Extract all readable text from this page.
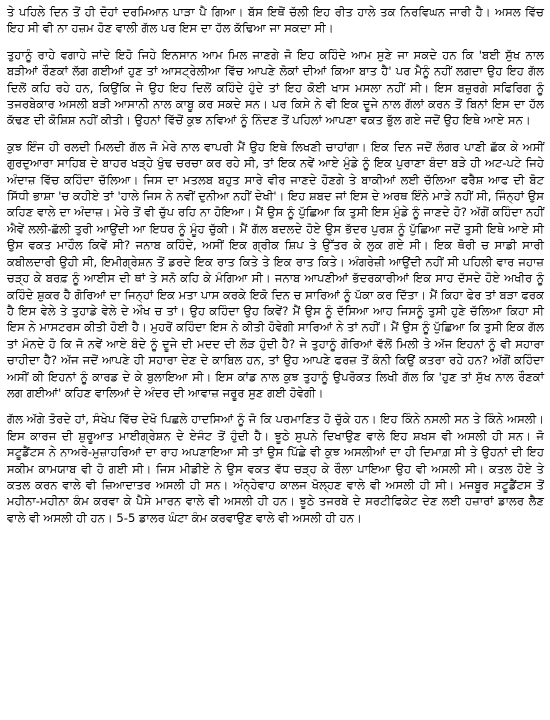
ਤੇ ਪਹਿਲੇ ਦਿਨ ਤੋਂ ਹੀ ਦੋਹਾਂ ਦਰਮਿਆਨ ਪਾੜਾ ਪੈ ਗਿਆ। ਬੱਸ ਇਥੋਂ ਚੱਲੀ ਇਹ ਰੀਤ ਹਾਲੇ ਤਕ ਨਿਰਵਿਘਨ ਜਾਰੀ ਹੈ। ਅਸਲ ਵਿੱਚ ਇਹ ਸੀ ਵੀ ਨਾ ਹਜ਼ਮ ਹੋਣ ਵਾਲੀ ਗੱਲ ਪਰ ਇਸ ਦਾ ਹੱਲ ਕੱਢਿਆ ਜਾ ਸਕਦਾ ਸੀ।

ਤੁਹਾਨੂੰ ਰਾਹੇ ਵਗਾਹੇ ਜਾਂਦੇ ਇਹੋ ਜਿਹੇ ਇਨਸਾਨ ਆਮ ਮਿਲ ਜਾਣਗੇ ਜੋ ਇਹ ਕਹਿੰਦੇ ਆਮ ਸੁਣੇ ਜਾ ਸਕਦੇ ਹਨ ਕਿ 'ਬਈ ਸੁੱਖ ਨਾਲ ਬੜੀਆਂ ਰੌਣਕਾਂ ਲੱਗ ਗਈਆਂ ਹੁਣ ਤਾਂ ਆਸਟ੍ਰੇਲੀਆ ਵਿੱਚ ਆਪਣੇ ਲੋਕਾਂ ਦੀਆਂ ਕਿਆ ਬਾਤ ਹੈ' ਪਰ ਮੈਨੂੰ ਨਹੀਂ ਲਗਦਾ ਉਹ ਇਹ ਗੱਲ ਦਿਲੋਂ ਕਹਿ ਰਹੇ ਹਨ, ਕਿਉਂਕਿ ਜੇ ਉਹ ਇਹ ਦਿਲੋਂ ਕਹਿੰਦੇ ਹੁੰਦੇ ਤਾਂ ਇਹ ਕੋਈ ਖਾਸ ਮਸਲਾ ਨਹੀਂ ਸੀ। ਇਸ ਬਜ਼ੁਰਗੇ ਸਫਿਰਿਗ ਨੂੰ ਤਜਰਬੇਕਾਰ ਅਸਲੀ ਬੜੀ ਆਸਾਨੀ ਨਾਲ ਕਾਬੂ ਕਰ ਸਕਦੇ ਸਨ। ਪਰ ਕਿਸੇ ਨੇ ਵੀ ਇਕ ਦੂਜੇ ਨਾਲ ਗੱਲਾਂ ਕਰਨ ਤੋਂ ਬਿਨਾਂ ਇਸ ਦਾ ਹੱਲ ਕੱਢਣ ਦੀ ਕੋਸ਼ਿਸ਼ ਨਹੀਂ ਕੀਤੀ। ਉਹਨਾਂ ਵਿੱਚੋਂ ਕੁਝ ਨਵਿਆਂ ਨੂੰ ਨਿੰਦਣ ਤੋਂ ਪਹਿਲਾਂ ਆਪਣਾ ਵਕਤ ਭੁੱਲ ਗਏ ਜਦੋਂ ਉਹ ਇਥੇ ਆਏ ਸਨ।

ਕੁਝ ਇੰਜ ਹੀ ਰਲਦੀ ਮਿਲਦੀ ਗੱਲ ਜੋ ਮੇਰੇ ਨਾਲ ਵਾਪਰੀ ਮੈਂ ਉਹ ਇਥੇ ਲਿਖਣੀ ਚਾਹਾਂਗਾ। ਇਕ ਦਿਨ ਜਦੋਂ ਲੰਗਰ ਪਾਣੀ ਛੱਕ ਕੇ ਅਸੀਂ ਗੁਰਦੁਆਰਾ ਸਾਹਿਬ ਦੇ ਬਾਹਰ ਖੜ੍ਹੇ ਖੁੰਢ ਚਰਚਾ ਕਰ ਰਹੇ ਸੀ, ਤਾਂ ਇਕ ਨਵੇਂ ਆਏ ਮੁੰਡੇ ਨੂੰ ਇਕ ਪੁਰਾਣਾ ਬੰਦਾ ਬੜੇ ਹੀ ਅਟ-ਪਟੇ ਜਿਹੇ ਅੰਦਾਜ਼ ਵਿੱਚ ਕਹਿੰਦਾ ਚੱਲਿਆ। ਜਿਸ ਦਾ ਮਤਲਬ ਬਹੁਤ ਸਾਰੇ ਵੀਰ ਜਾਣਦੇ ਹੋਣਗੇ ਤੇ ਬਾਕੀਆਂ ਲਈ ਚੱਲਿਆ ਫਰੈਸ਼ ਆਫ ਦੀ ਬੋਟ ਸਿੱਧੀ ਭਾਸ਼ਾ 'ਚ ਕਹੀਏ ਤਾਂ 'ਹਾਲੇ ਜਿਸ ਨੇ ਨਵੀਂ ਦੁਨੀਆ ਨਹੀਂ ਦੇਖੀ'। ਇਹ ਸ਼ਬਦ ਜਾਂ ਇਸ ਦੇ ਅਰਥ ਇੰਨੇ ਮਾੜੇ ਨਹੀਂ ਸੀ, ਜਿੰਨ੍ਹਾਂ ਉਸ ਕਹਿਣ ਵਾਲੇ ਦਾ ਅੰਦਾਜ਼। ਮੇਰੇ ਤੋਂ ਵੀ ਚੁੱਪ ਰਹਿ ਨਾ ਹੋਇਆ। ਮੈਂ ਉਸ ਨੂੰ ਪੁੱਛਿਆ ਕਿ ਤੁਸੀ ਇਸ ਮੁੰਡੇ ਨੂੰ ਜਾਣਦੇ ਹੋ? ਅੱਗੋਂ ਕਹਿੰਦਾ ਨਹੀਂ ਐਵੇਂ ਲਲੀ-ਛੱਲੀ ਤੁਰੀ ਆਉਂਦੀ ਆ ਇਧਰ ਨੂੰ ਮੂੰਹ ਚੁੱਕੀ। ਮੈਂ ਗੱਲ ਬਦਲਦੇ ਹੋਏ ਉਸ ਭੱਦਰ ਪੁਰਸ਼ ਨੂੰ ਪੁੱਛਿਆ ਜਦੋਂ ਤੁਸੀ ਇਥੇ ਆਏ ਸੀ ਉਸ ਵਕਤ ਮਾਹੌਲ ਕਿਵੇਂ ਸੀ? ਜਨਾਬ ਕਹਿੰਦੇ, ਅਸੀਂ ਇਕ ਗ੍ਰੀਕ ਸ਼ਿਪ ਤੇ ਉੱਤਰ ਕੇ ਲੁਕ ਗਏ ਸੀ। ਇਕ ਥੋਰੀ ਚ ਸਾਡੀ ਸਾਰੀ ਕਬੀਲਦਾਰੀ ਉਹੀ ਸੀ, ਇਮੀਗ੍ਰੇਸ਼ਨ ਤੋਂ ਡਰਦੇ ਇਕ ਰਾਤ ਕਿਤੇ ਤੇ ਇਕ ਰਾਤ ਕਿਤੇ। ਅੰਗਰੇਜ਼ੀ ਆਉਂਦੀ ਨਹੀਂ ਸੀ ਪਹਿਲੀ ਵਾਰ ਜਹਾਜ਼ ਚੜ੍ਹ ਕੇ ਬਰਫ਼ ਨੂੰ ਆਈਸ ਦੀ ਥਾਂ ਤੇ ਸਨੋ ਕਹਿ ਕੇ ਮੰਗਿਆ ਸੀ। ਜਨਾਬ ਆਪਣੀਆਂ ਭੱਦਰਕਾਰੀਆਂ ਇਕ ਸਾਹ ਦੱਸਦੇ ਹੋਏ ਅਖੀਰ ਨੂੰ ਕਹਿੰਦੇ ਸ਼ੁਕਰ ਹੈ ਗੋਰਿਆਂ ਦਾ ਜਿਨ੍ਹਾਂ ਇਕ ਮਤਾ ਪਾਸ ਕਰਕੇ ਇਕੋ ਦਿਨ ਚ ਸਾਰਿਆਂ ਨੂੰ ਪੱਕਾ ਕਰ ਦਿੱਤਾ। ਮੈਂ ਕਿਹਾ ਫੇਰ ਤਾਂ ਬੜਾ ਫਰਕ ਹੈ ਇਸ ਵੇਲੇ ਤੇ ਤੁਹਾਡੇ ਵੇਲੇ ਦੇ ਔਖ ਚ ਤਾਂ। ਉਹ ਕਹਿੰਦਾ ਉਹ ਕਿਵੇਂ? ਮੈਂ ਉਸ ਨੂੰ ਦੱਸਿਆ ਆਹ ਜਿਸਨੂੰ ਤੁਸੀ ਹੁਣੇ ਚੱਲਿਆ ਕਿਹਾ ਸੀ ਇਸ ਨੇ ਮਾਸਟਰਸ ਕੀਤੀ ਹੋਈ ਹੈ। ਮੁਹਰੋਂ ਕਹਿੰਦਾ ਇਸ ਨੇ ਕੀਤੀ ਹੋਵੇਗੀ ਸਾਰਿਆਂ ਨੇ ਤਾਂ ਨਹੀਂ। ਮੈਂ ਉਸ ਨੂੰ ਪੁੱਛਿਆ ਕਿ ਤੁਸੀ ਇਕ ਗੱਲ ਤਾਂ ਮੰਨਦੇ ਹੋ ਕਿ ਜੋ ਨਵੇਂ ਆਏ ਬੰਦੇ ਨੂੰ ਦੂਜੇ ਦੀ ਮਦਦ ਦੀ ਲੋੜ ਹੁੰਦੀ ਹੈ? ਜੇ ਤੁਹਾਨੂੰ ਗੋਰਿਆਂ ਵੱਲੋਂ ਮਿਲੀ ਤੇ ਅੱਜ ਇਹਨਾਂ ਨੂੰ ਵੀ ਸਹਾਰਾ ਚਾਹੀਦਾ ਹੈ? ਅੱਜ ਜਦੋਂ ਆਪਣੇ ਹੀ ਸਹਾਰਾ ਦੇਣ ਦੇ ਕਾਬਿਲ ਹਨ, ਤਾਂ ਉਹ ਆਪਣੇ ਫਰਜ਼ ਤੋਂ ਕੰਨੀ ਕਿਉਂ ਕਤਰਾ ਰਹੇ ਹਨ? ਅੱਗੋਂ ਕਹਿੰਦਾ ਅਸੀਂ ਕੀ ਇਹਨਾਂ ਨੂੰ ਕਾਰਡ ਦੇ ਕੇ ਬੁਲਾਇਆ ਸੀ। ਇਸ ਕਾਂਡ ਨਾਲ ਕੁਝ ਤੁਹਾਨੂੰ ਉਪਰੋਕਤ ਲਿਖੀ ਗੱਲ ਕਿ 'ਹੁਣ ਤਾਂ ਸੁੱਖ ਨਾਲ ਰੌਣਕਾਂ ਲਗ ਗਈਆਂ' ਕਹਿਣ ਵਾਲਿਆਂ ਦੇ ਅੰਦਰ ਦੀ ਆਵਾਜ਼ ਜਰੂਰ ਸੁਣ ਗਈ ਹੋਵੇਗੀ।

ਗੱਲ ਅੱਗੇ ਤੋਰਦੇ ਹਾਂ, ਸੰਖੇਪ ਵਿੱਚ ਦੇਖੋ ਪਿਛਲੇ ਹਾਦਸਿਆਂ ਨੂੰ ਜੋ ਕਿ ਪਰਮਾਣਿਤ ਹੋ ਚੁੱਕੇ ਹਨ। ਇਹ ਕਿੰਨੇ ਨਸਲੀ ਸਨ ਤੇ ਕਿੰਨੇ ਅਸਲੀ। ਇਸ ਕਾਰਜ ਦੀ ਸ਼ੁਰੂਆਤ ਮਾਈਗ੍ਰੇਸ਼ਨ ਦੇ ਏਜੰਟ ਤੋਂ ਹੁੰਦੀ ਹੈ। ਝੂਠੇ ਸੁਪਨੇ ਦਿਖਾਉਣ ਵਾਲੇ ਇਹ ਸ਼ਖਸ ਵੀ ਅਸਲੀ ਹੀ ਸਨ। ਜੋ ਸਟੂਡੈਂਟਸ ਨੇ ਨਾਅਰੇ-ਮੁਜ਼ਾਹਰਿਆਂ ਦਾ ਰਾਹ ਅਪਣਾਇਆ ਸੀ ਤਾਂ ਉਸ ਪਿੱਛੇ ਵੀ ਕੁਝ ਅਸਲੀਆਂ ਦਾ ਹੀ ਦਿਮਾਗ਼ ਸੀ ਤੇ ਉਹਨਾਂ ਦੀ ਇਹ ਸਕੀਮ ਕਾਮਯਾਬ ਵੀ ਹੋ ਗਈ ਸੀ। ਜਿਸ ਮੀਡੀਏ ਨੇ ਉਸ ਵਕਤ ਵੱਧ ਚੜ੍ਹ ਕੇ ਰੌਲਾ ਪਾਇਆ ਉਹ ਵੀ ਅਸਲੀ ਸੀ। ਕਤਲ ਹੋਏ ਤੇ ਕਤਲ ਕਰਨ ਵਾਲੇ ਵੀ ਜ਼ਿਆਦਾਤਰ ਅਸਲੀ ਹੀ ਸਨ। ਅੰਨ੍ਹੇਵਾਹ ਕਾਲਜ ਖੋਲ੍ਹਣ ਵਾਲੇ ਵੀ ਅਸਲੀ ਹੀ ਸੀ। ਮਜਬੂਰ ਸਟੂਡੈਂਟਸ ਤੋਂ ਮਹੀਨਾ-ਮਹੀਨਾ ਕੰਮ ਕਰਵਾ ਕੇ ਪੈਸੇ ਮਾਰਨ ਵਾਲੇ ਵੀ ਅਸਲੀ ਹੀ ਹਨ। ਝੂਠੇ ਤਜਰਬੇ ਦੇ ਸਰਟੀਫਿਕੇਟ ਦੇਣ ਲਈ ਹਜ਼ਾਰਾਂ ਡਾਲਰ ਲੈਣ ਵਾਲੇ ਵੀ ਅਸਲੀ ਹੀ ਹਨ। 5-5 ਡਾਲਰ ਘੰਟਾ ਕੰਮ ਕਰਵਾਉਣ ਵਾਲੇ ਵੀ ਅਸਲੀ ਹੀ ਹਨ।
